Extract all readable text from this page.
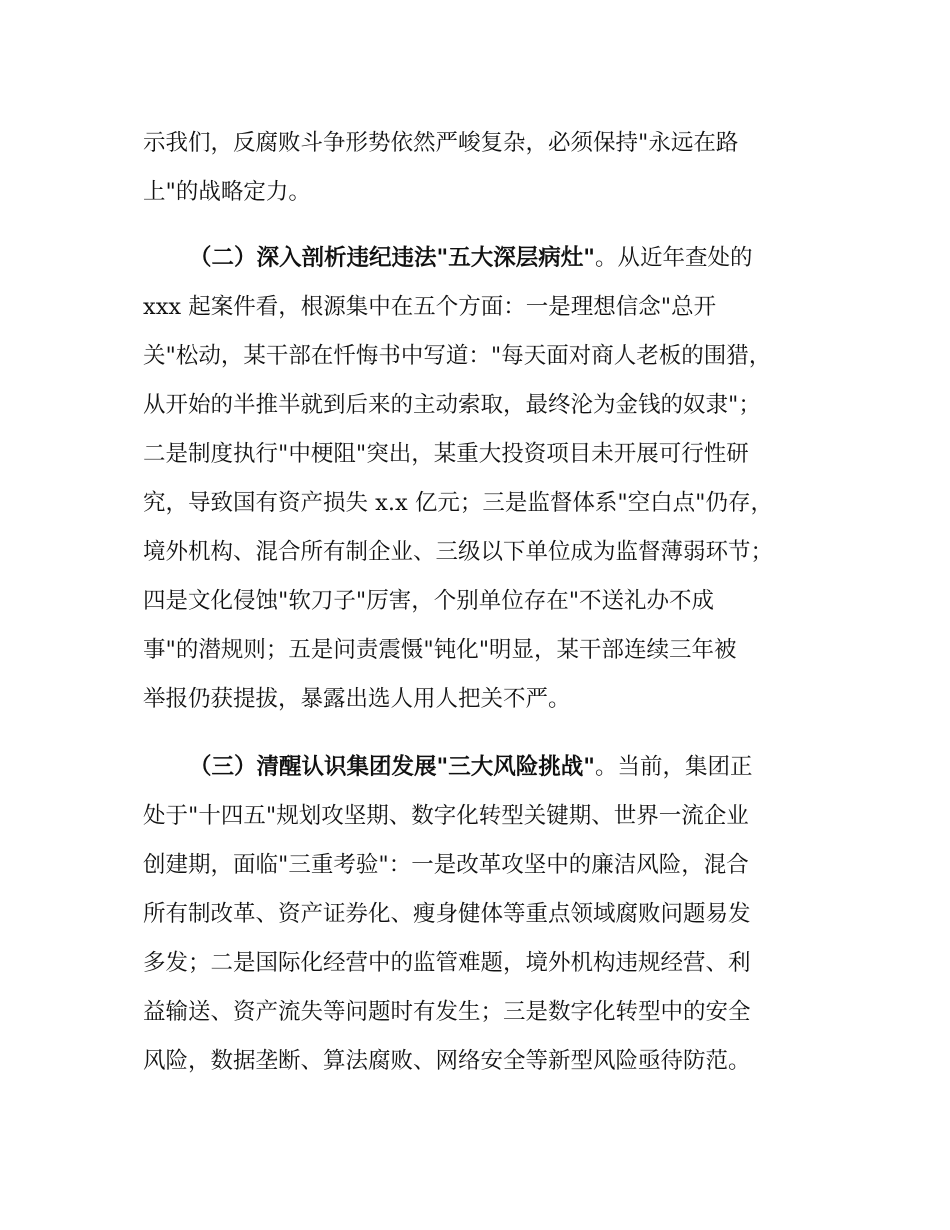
示我们，反腐败斗争形势依然严峻复杂，必须保持"永远在路

上"的战略定力。

（二）深入剖析违纪违法"五大深层病灶"。从近年查处的

xxx 起案件看，根源集中在五个方面：一是理想信念"总开

关"松动，某干部在忏悔书中写道："每天面对商人老板的围猎，

从开始的半推半就到后来的主动索取，最终沦为金钱的奴隶"；

二是制度执行"中梗阻"突出，某重大投资项目未开展可行性研

究，导致国有资产损失 x.x 亿元；三是监督体系"空白点"仍存，

境外机构、混合所有制企业、三级以下单位成为监督薄弱环节；

四是文化侵蚀"软刀子"厉害，个别单位存在"不送礼办不成

事"的潜规则；五是问责震慑"钝化"明显，某干部连续三年被

举报仍获提拔，暴露出选人用人把关不严。

（三）清醒认识集团发展"三大风险挑战"。当前，集团正

处于"十四五"规划攻坚期、数字化转型关键期、世界一流企业

创建期，面临"三重考验"：一是改革攻坚中的廉洁风险，混合

所有制改革、资产证券化、瘦身健体等重点领域腐败问题易发

多发；二是国际化经营中的监管难题，境外机构违规经营、利

益输送、资产流失等问题时有发生；三是数字化转型中的安全

风险，数据垄断、算法腐败、网络安全等新型风险亟待防范。
